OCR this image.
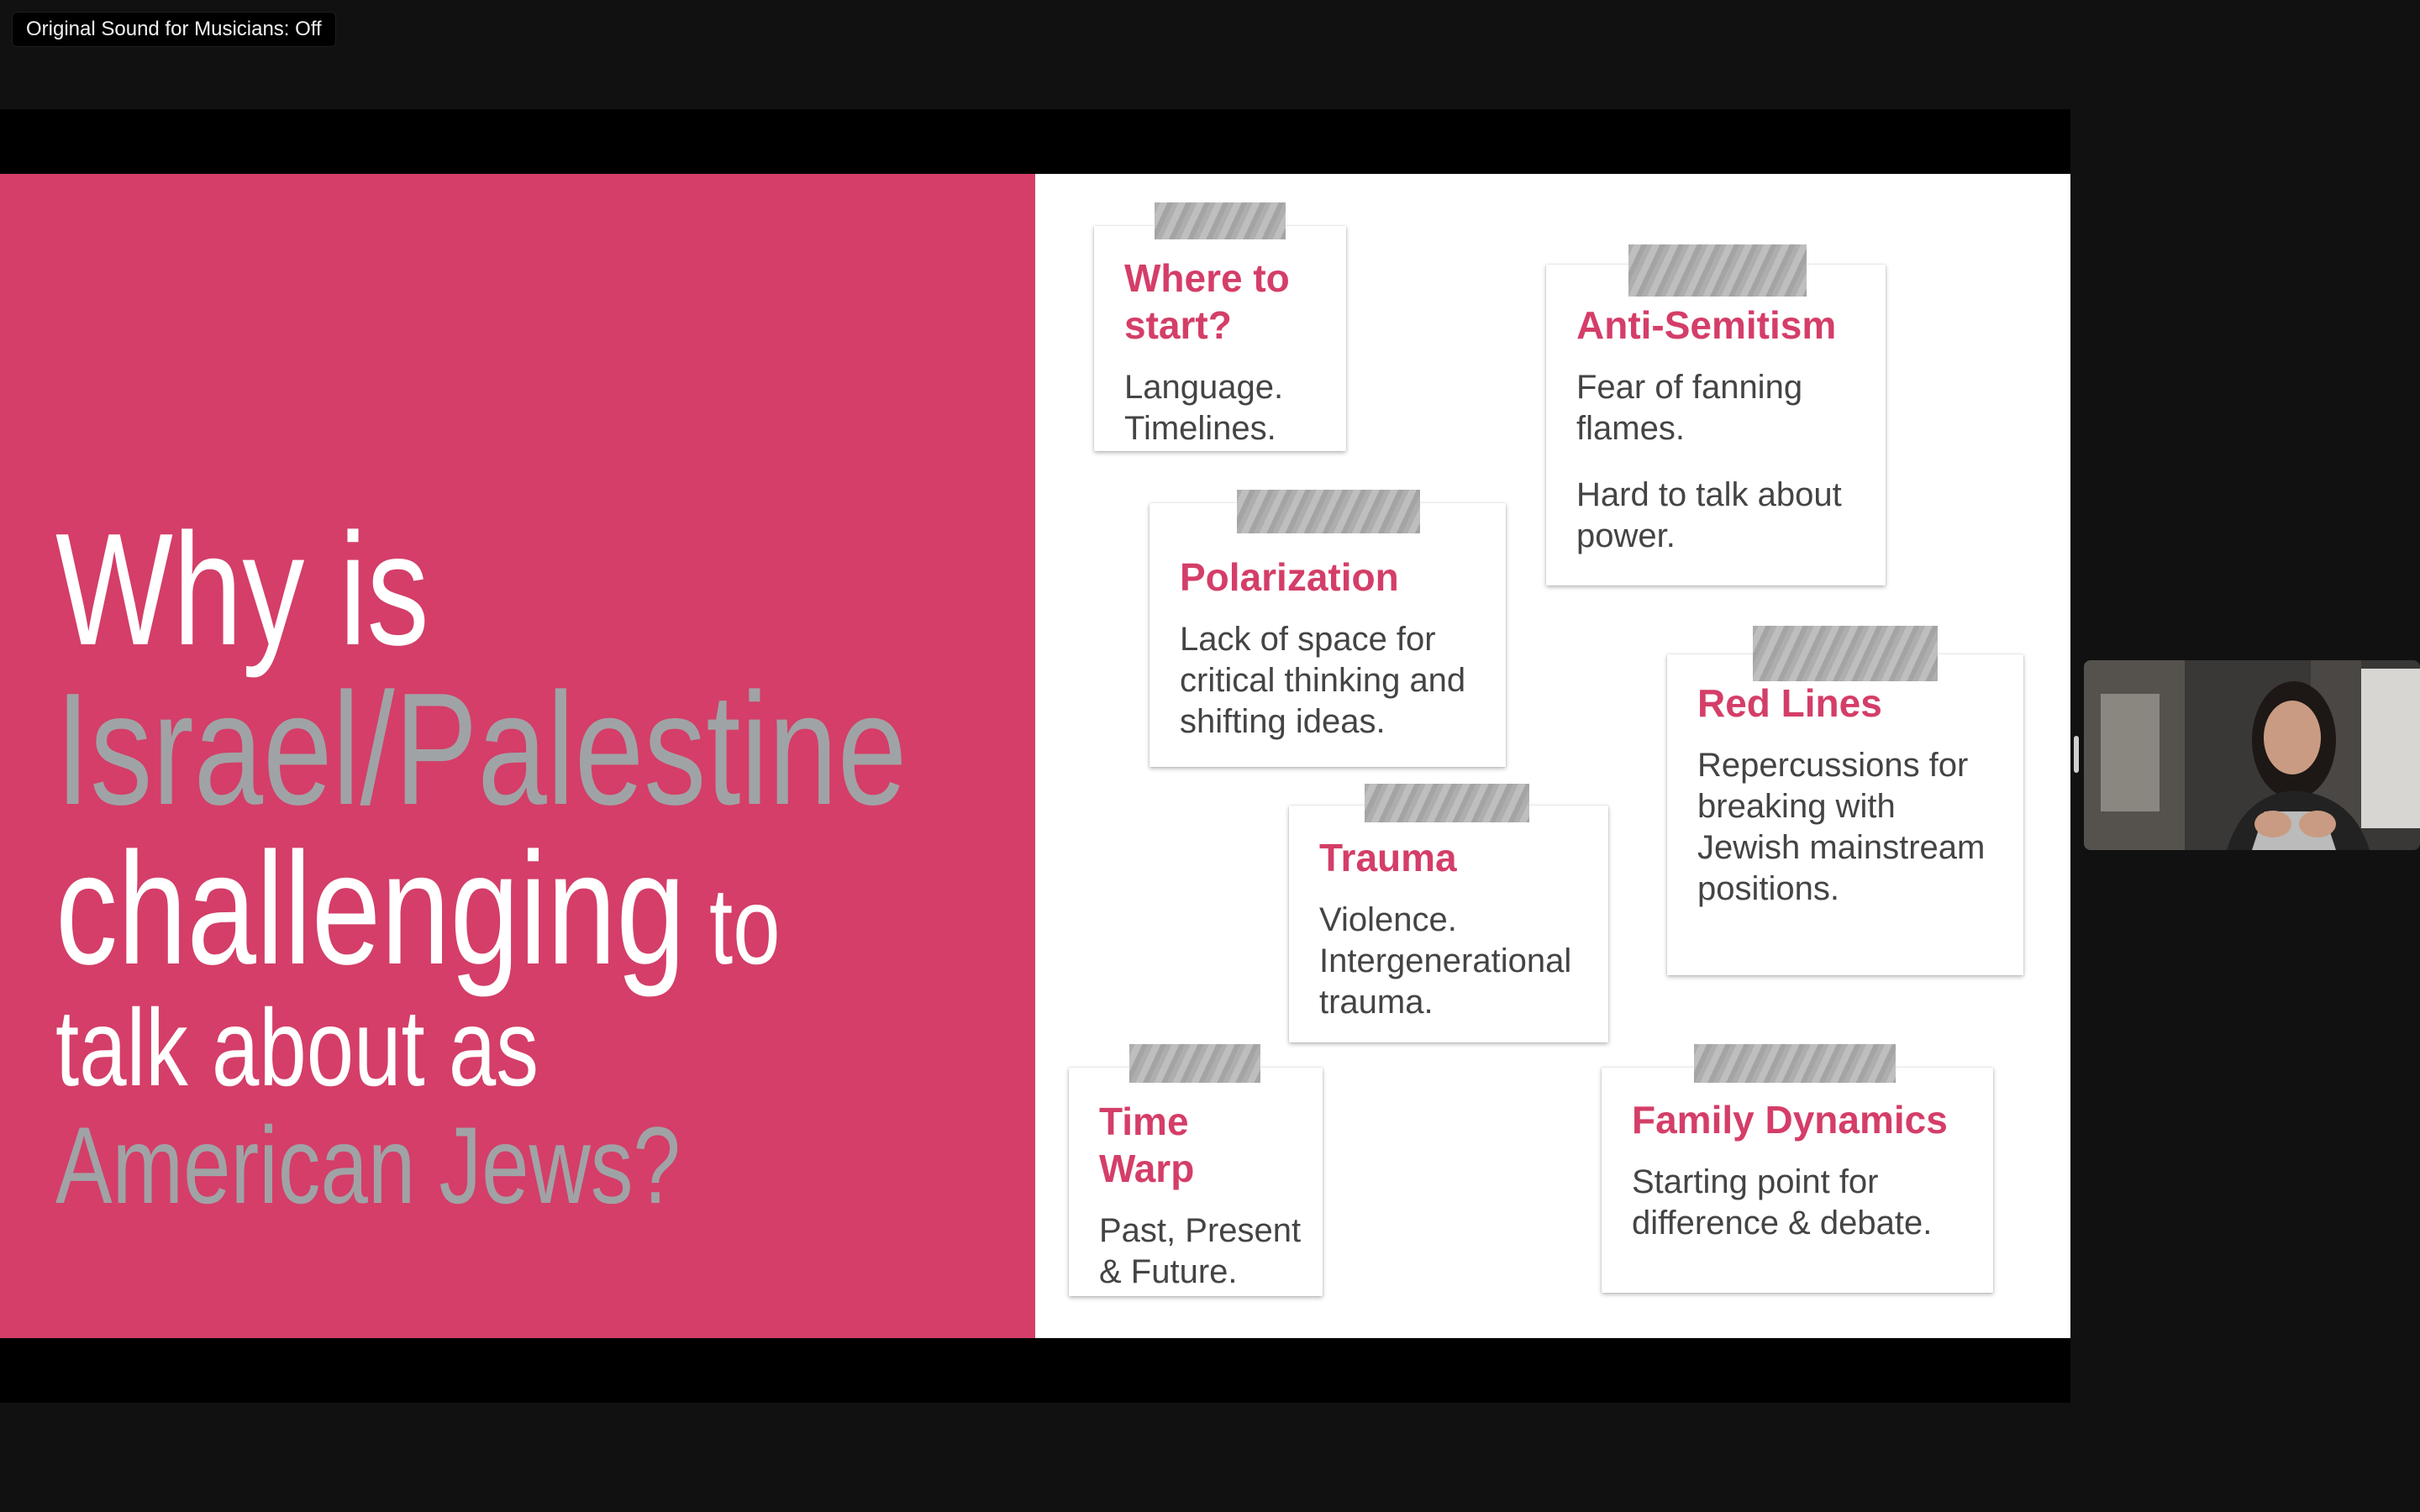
Original Sound for Musicians: Off
Why is
Israel/Palestine
challenging to
talk about as
American Jews?
Where to start?

Language. Timelines.

Anti-Semitism

Fear of fanning flames.

Hard to talk about power.

Polarization

Lack of space for critical thinking and shifting ideas.	Red Lines

Repercussions for breaking with Jewish mainstream positions.

Trauma

Violence. Intergenerational trauma.

Time Warp

Past, Present & Future.

Family Dynamics

Starting point for difference & debate.
